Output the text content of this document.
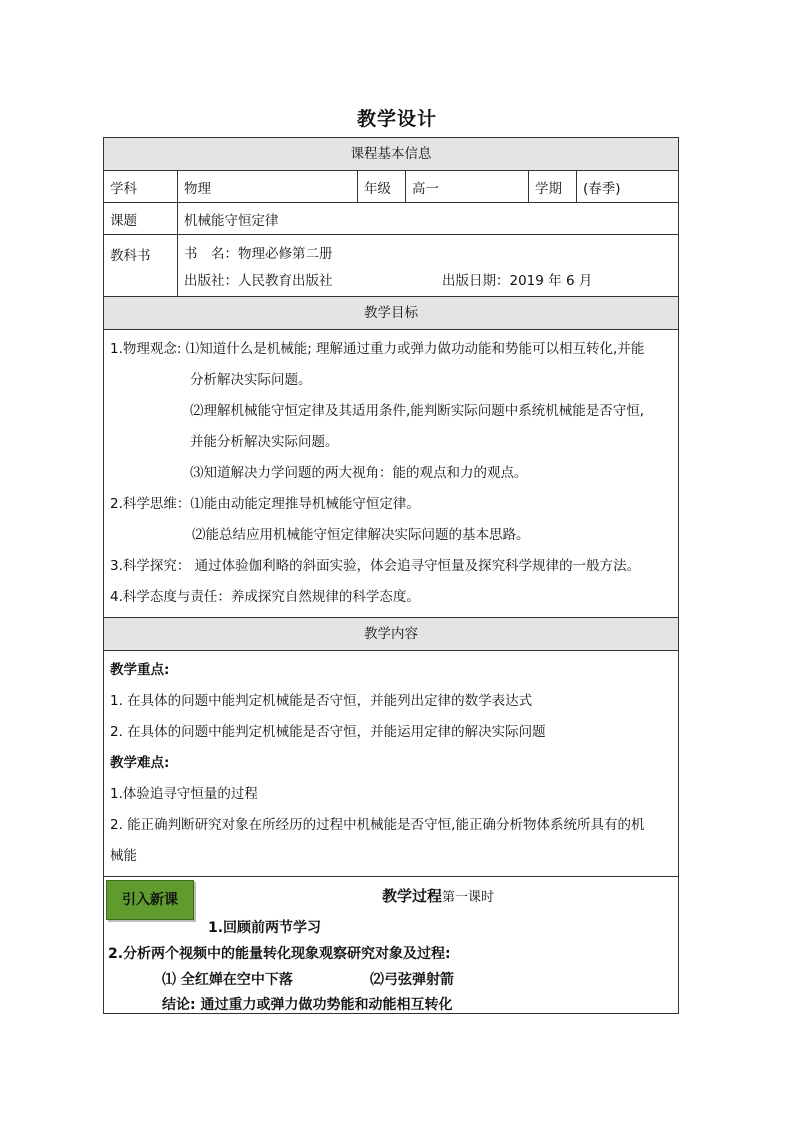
教学设计
课程基本信息
学科	物理	年级	高一	学期	(春季)
课题	机械能守恒定律
教科书	书　名：物理必修第二册
出版社：人民教育出版社	出版日期：2019 年 6 月
教学目标
1.物理观念: ⑴知道什么是机械能; 理解通过重力或弹力做功动能和势能可以相互转化,并能
分析解决实际问题。
⑵理解机械能守恒定律及其适用条件,能判断实际问题中系统机械能是否守恒,
并能分析解决实际问题。
⑶知道解决力学问题的两大视角：能的观点和力的观点。
2.科学思维：⑴能由动能定理推导机械能守恒定律。
⑵能总结应用机械能守恒定律解决实际问题的基本思路。
3.科学探究： 通过体验伽利略的斜面实验，体会追寻守恒量及探究科学规律的一般方法。
4.科学态度与责任：养成探究自然规律的科学态度。
教学内容
教学重点:
1. 在具体的问题中能判定机械能是否守恒，并能列出定律的数学表达式
2. 在具体的问题中能判定机械能是否守恒，并能运用定律的解决实际问题
教学难点:
1.体验追寻守恒量的过程
2. 能正确判断研究对象在所经历的过程中机械能是否守恒,能正确分析物体系统所具有的机
械能
引入新课	教学过程第一课时
1.回顾前两节学习
2.分析两个视频中的能量转化现象观察研究对象及过程:
⑴ 全红婵在空中下落	⑵弓弦弹射箭
结论: 通过重力或弹力做功势能和动能相互转化
